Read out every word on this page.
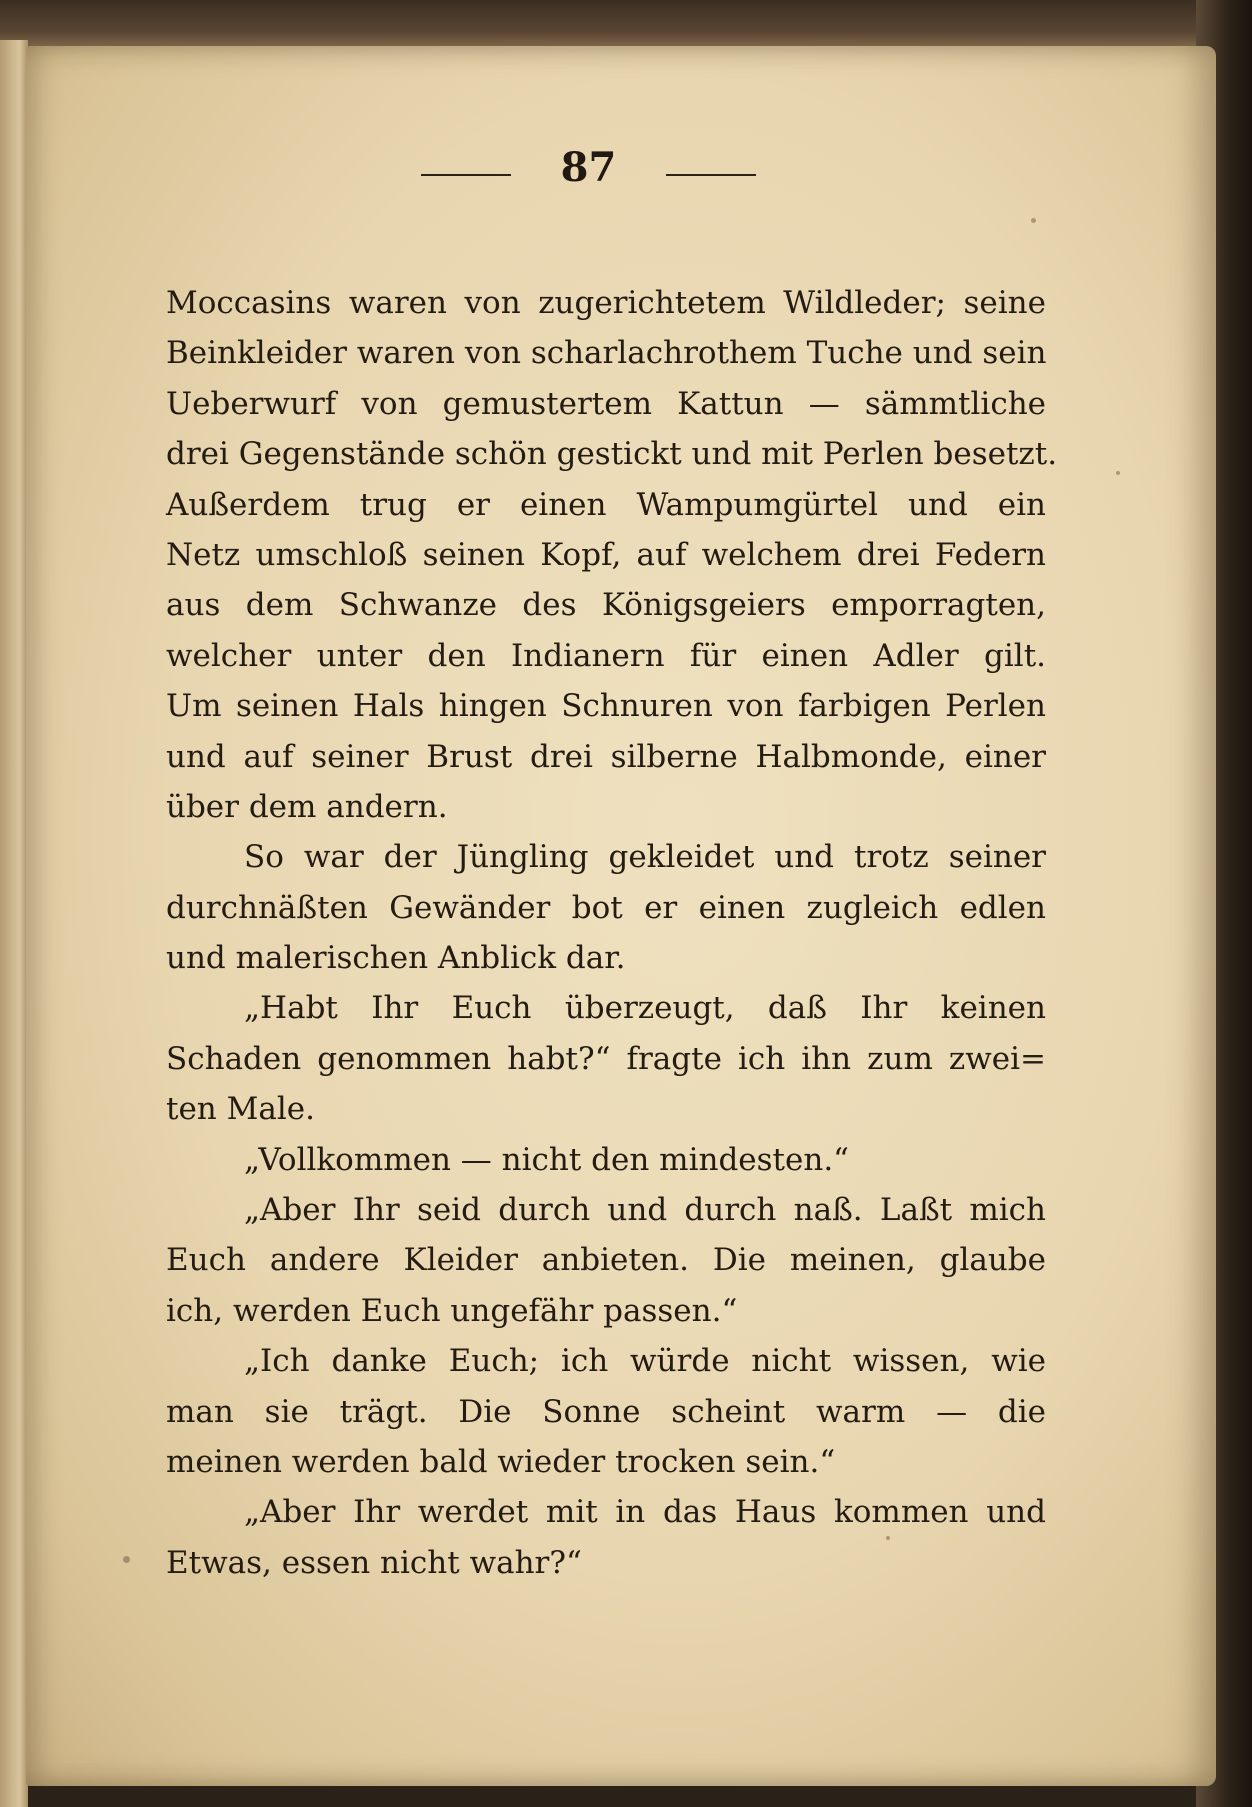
87
Moccasins waren von zugerichtetem Wildleder; seine
Beinkleider waren von scharlachrothem Tuche und sein
Ueberwurf von gemustertem Kattun — sämmtliche
drei Gegenstände schön gestickt und mit Perlen besetzt.
Außerdem trug er einen Wampumgürtel und ein
Netz umschloß seinen Kopf, auf welchem drei Federn
aus dem Schwanze des Königsgeiers emporragten,
welcher unter den Indianern für einen Adler gilt.
Um seinen Hals hingen Schnuren von farbigen Perlen
und auf seiner Brust drei silberne Halbmonde, einer
über dem andern.
So war der Jüngling gekleidet und trotz seiner
durchnäßten Gewänder bot er einen zugleich edlen
und malerischen Anblick dar.
„Habt Ihr Euch überzeugt, daß Ihr keinen
Schaden genommen habt?“ fragte ich ihn zum zwei=
ten Male.
„Vollkommen — nicht den mindesten.“
„Aber Ihr seid durch und durch naß. Laßt mich
Euch andere Kleider anbieten. Die meinen, glaube
ich, werden Euch ungefähr passen.“
„Ich danke Euch; ich würde nicht wissen, wie
man sie trägt. Die Sonne scheint warm — die
meinen werden bald wieder trocken sein.“
„Aber Ihr werdet mit in das Haus kommen und
Etwas, essen nicht wahr?“
